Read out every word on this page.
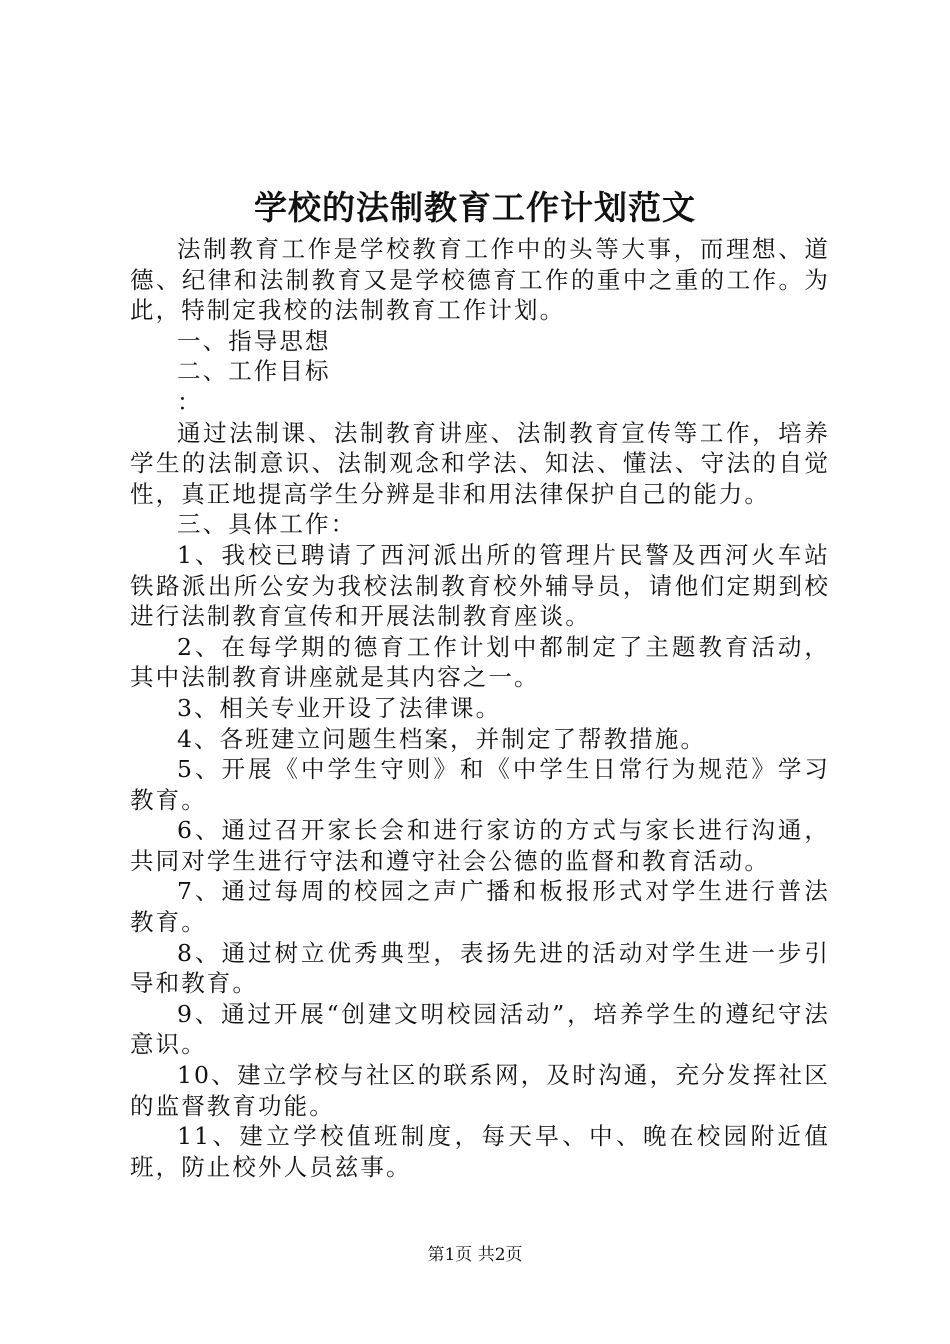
学校的法制教育工作计划范文

法制教育工作是学校教育工作中的头等大事，而理想、道德、纪律和法制教育又是学校德育工作的重中之重的工作。为此，特制定我校的法制教育工作计划。

一、指导思想

二、工作目标

：

通过法制课、法制教育讲座、法制教育宣传等工作，培养学生的法制意识、法制观念和学法、知法、懂法、守法的自觉性，真正地提高学生分辨是非和用法律保护自己的能力。

三、具体工作：

1、我校已聘请了西河派出所的管理片民警及西河火车站铁路派出所公安为我校法制教育校外辅导员，请他们定期到校进行法制教育宣传和开展法制教育座谈。

2、在每学期的德育工作计划中都制定了主题教育活动，其中法制教育讲座就是其内容之一。

3、相关专业开设了法律课。

4、各班建立问题生档案，并制定了帮教措施。

5、开展《中学生守则》和《中学生日常行为规范》学习教育。

6、通过召开家长会和进行家访的方式与家长进行沟通，共同对学生进行守法和遵守社会公德的监督和教育活动。

7、通过每周的校园之声广播和板报形式对学生进行普法教育。

8、通过树立优秀典型，表扬先进的活动对学生进一步引导和教育。

9、通过开展“创建文明校园活动”，培养学生的遵纪守法意识。

10、建立学校与社区的联系网，及时沟通，充分发挥社区的监督教育功能。

11、建立学校值班制度，每天早、中、晚在校园附近值班，防止校外人员兹事。

第1页 共2页
